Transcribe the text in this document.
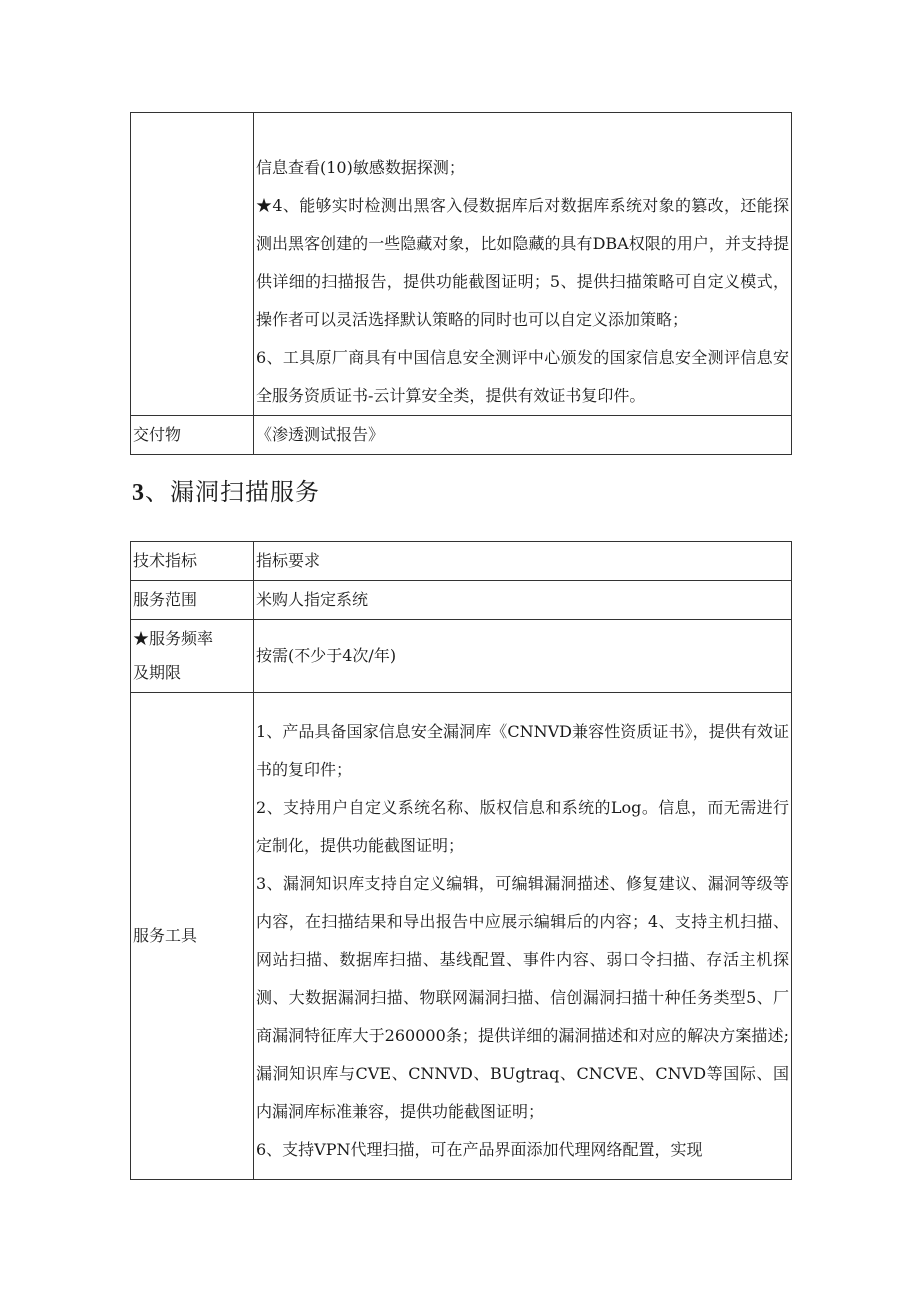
	信息查看(10)敏感数据探测；
★4、能够实时检测出黑客入侵数据库后对数据库系统对象的篡改，还能探测出黑客创建的一些隐藏对象，比如隐藏的具有DBA权限的用户，并支持提供详细的扫描报告，提供功能截图证明；5、提供扫描策略可自定义模式，操作者可以灵活选择默认策略的同时也可以自定义添加策略；
6、工具原厂商具有中国信息安全测评中心颁发的国家信息安全测评信息安全服务资质证书-云计算安全类，提供有效证书复印件。

交付物	《渗透测试报告》
3、漏洞扫描服务
技术指标	指标要求
服务范围	米购人指定系统

★服务频率
及期限	按需(不少于4次/年)
服务工具	1、产品具备国家信息安全漏洞库《CNNVD兼容性资质证书》，提供有效证书的复印件；
2、支持用户自定义系统名称、版权信息和系统的Log。信息，而无需进行定制化，提供功能截图证明；
3、漏洞知识库支持自定义编辑，可编辑漏洞描述、修复建议、漏洞等级等内容，在扫描结果和导出报告中应展示编辑后的内容；4、支持主机扫描、网站扫描、数据库扫描、基线配置、事件内容、弱口令扫描、存活主机探测、大数据漏洞扫描、物联网漏洞扫描、信创漏洞扫描十种任务类型5、厂商漏洞特征库大于260000条；提供详细的漏洞描述和对应的解决方案描述;漏洞知识库与CVE、CNNVD、BUgtraq、CNCVE、CNVD等国际、国内漏洞库标准兼容，提供功能截图证明；
6、支持VPN代理扫描，可在产品界面添加代理网络配置，实现
